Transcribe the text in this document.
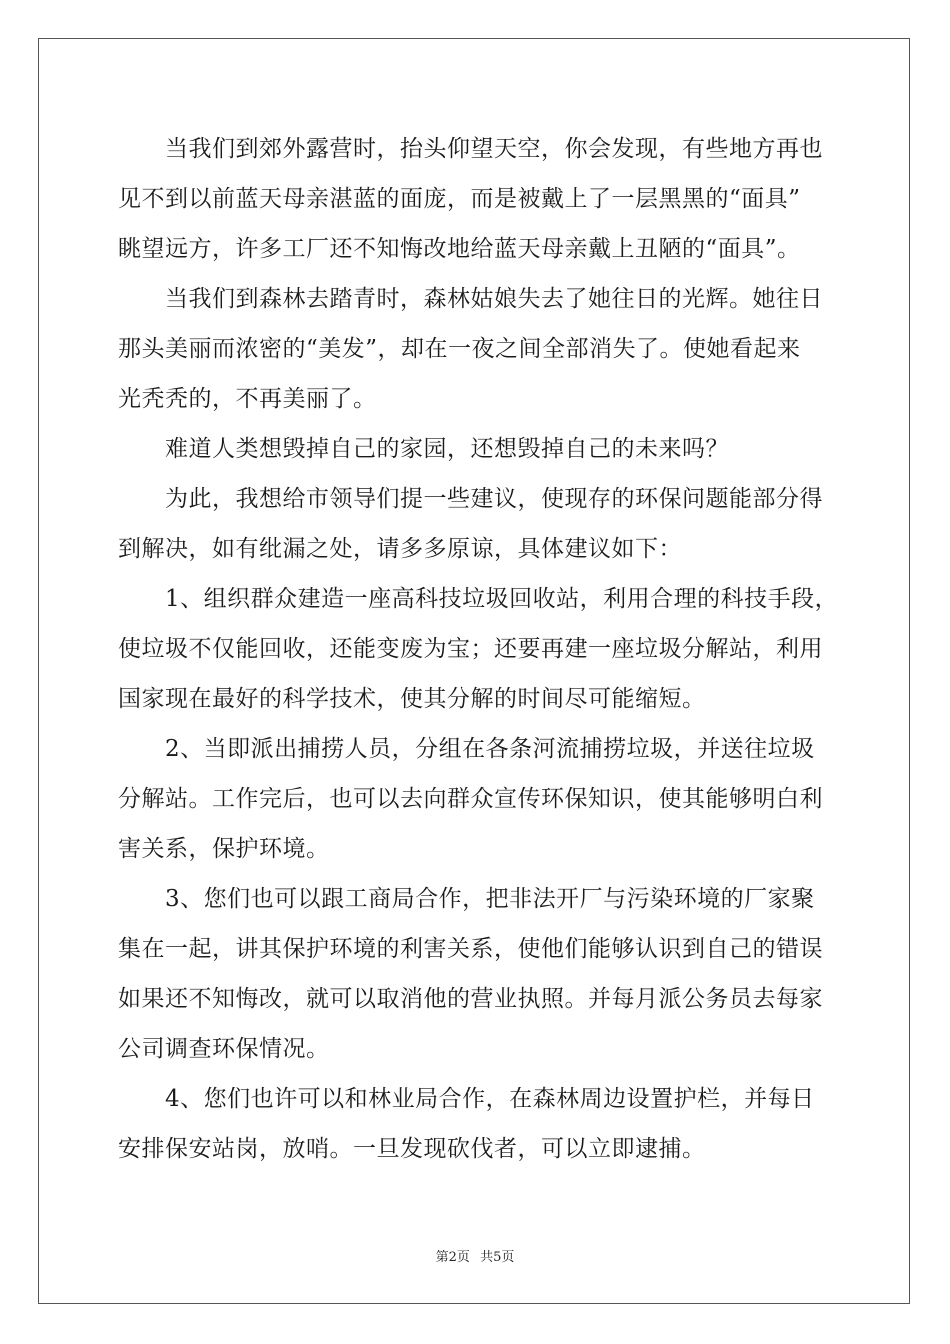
当我们到郊外露营时，抬头仰望天空，你会发现，有些地方再也
见不到以前蓝天母亲湛蓝的面庞，而是被戴上了一层黑黑的“面具”
眺望远方，许多工厂还不知悔改地给蓝天母亲戴上丑陋的“面具”。
当我们到森林去踏青时，森林姑娘失去了她往日的光辉。她往日
那头美丽而浓密的“美发”，却在一夜之间全部消失了。使她看起来
光秃秃的，不再美丽了。
难道人类想毁掉自己的家园，还想毁掉自己的未来吗？
为此，我想给市领导们提一些建议，使现存的环保问题能部分得
到解决，如有纰漏之处，请多多原谅，具体建议如下：
1、组织群众建造一座高科技垃圾回收站，利用合理的科技手段，
使垃圾不仅能回收，还能变废为宝；还要再建一座垃圾分解站，利用
国家现在最好的科学技术，使其分解的时间尽可能缩短。
2、当即派出捕捞人员，分组在各条河流捕捞垃圾，并送往垃圾
分解站。工作完后，也可以去向群众宣传环保知识，使其能够明白利
害关系，保护环境。
3、您们也可以跟工商局合作，把非法开厂与污染环境的厂家聚
集在一起，讲其保护环境的利害关系，使他们能够认识到自己的错误
如果还不知悔改，就可以取消他的营业执照。并每月派公务员去每家
公司调查环保情况。
4、您们也许可以和林业局合作，在森林周边设置护栏，并每日
安排保安站岗，放哨。一旦发现砍伐者，可以立即逮捕。
第2页 共5页
